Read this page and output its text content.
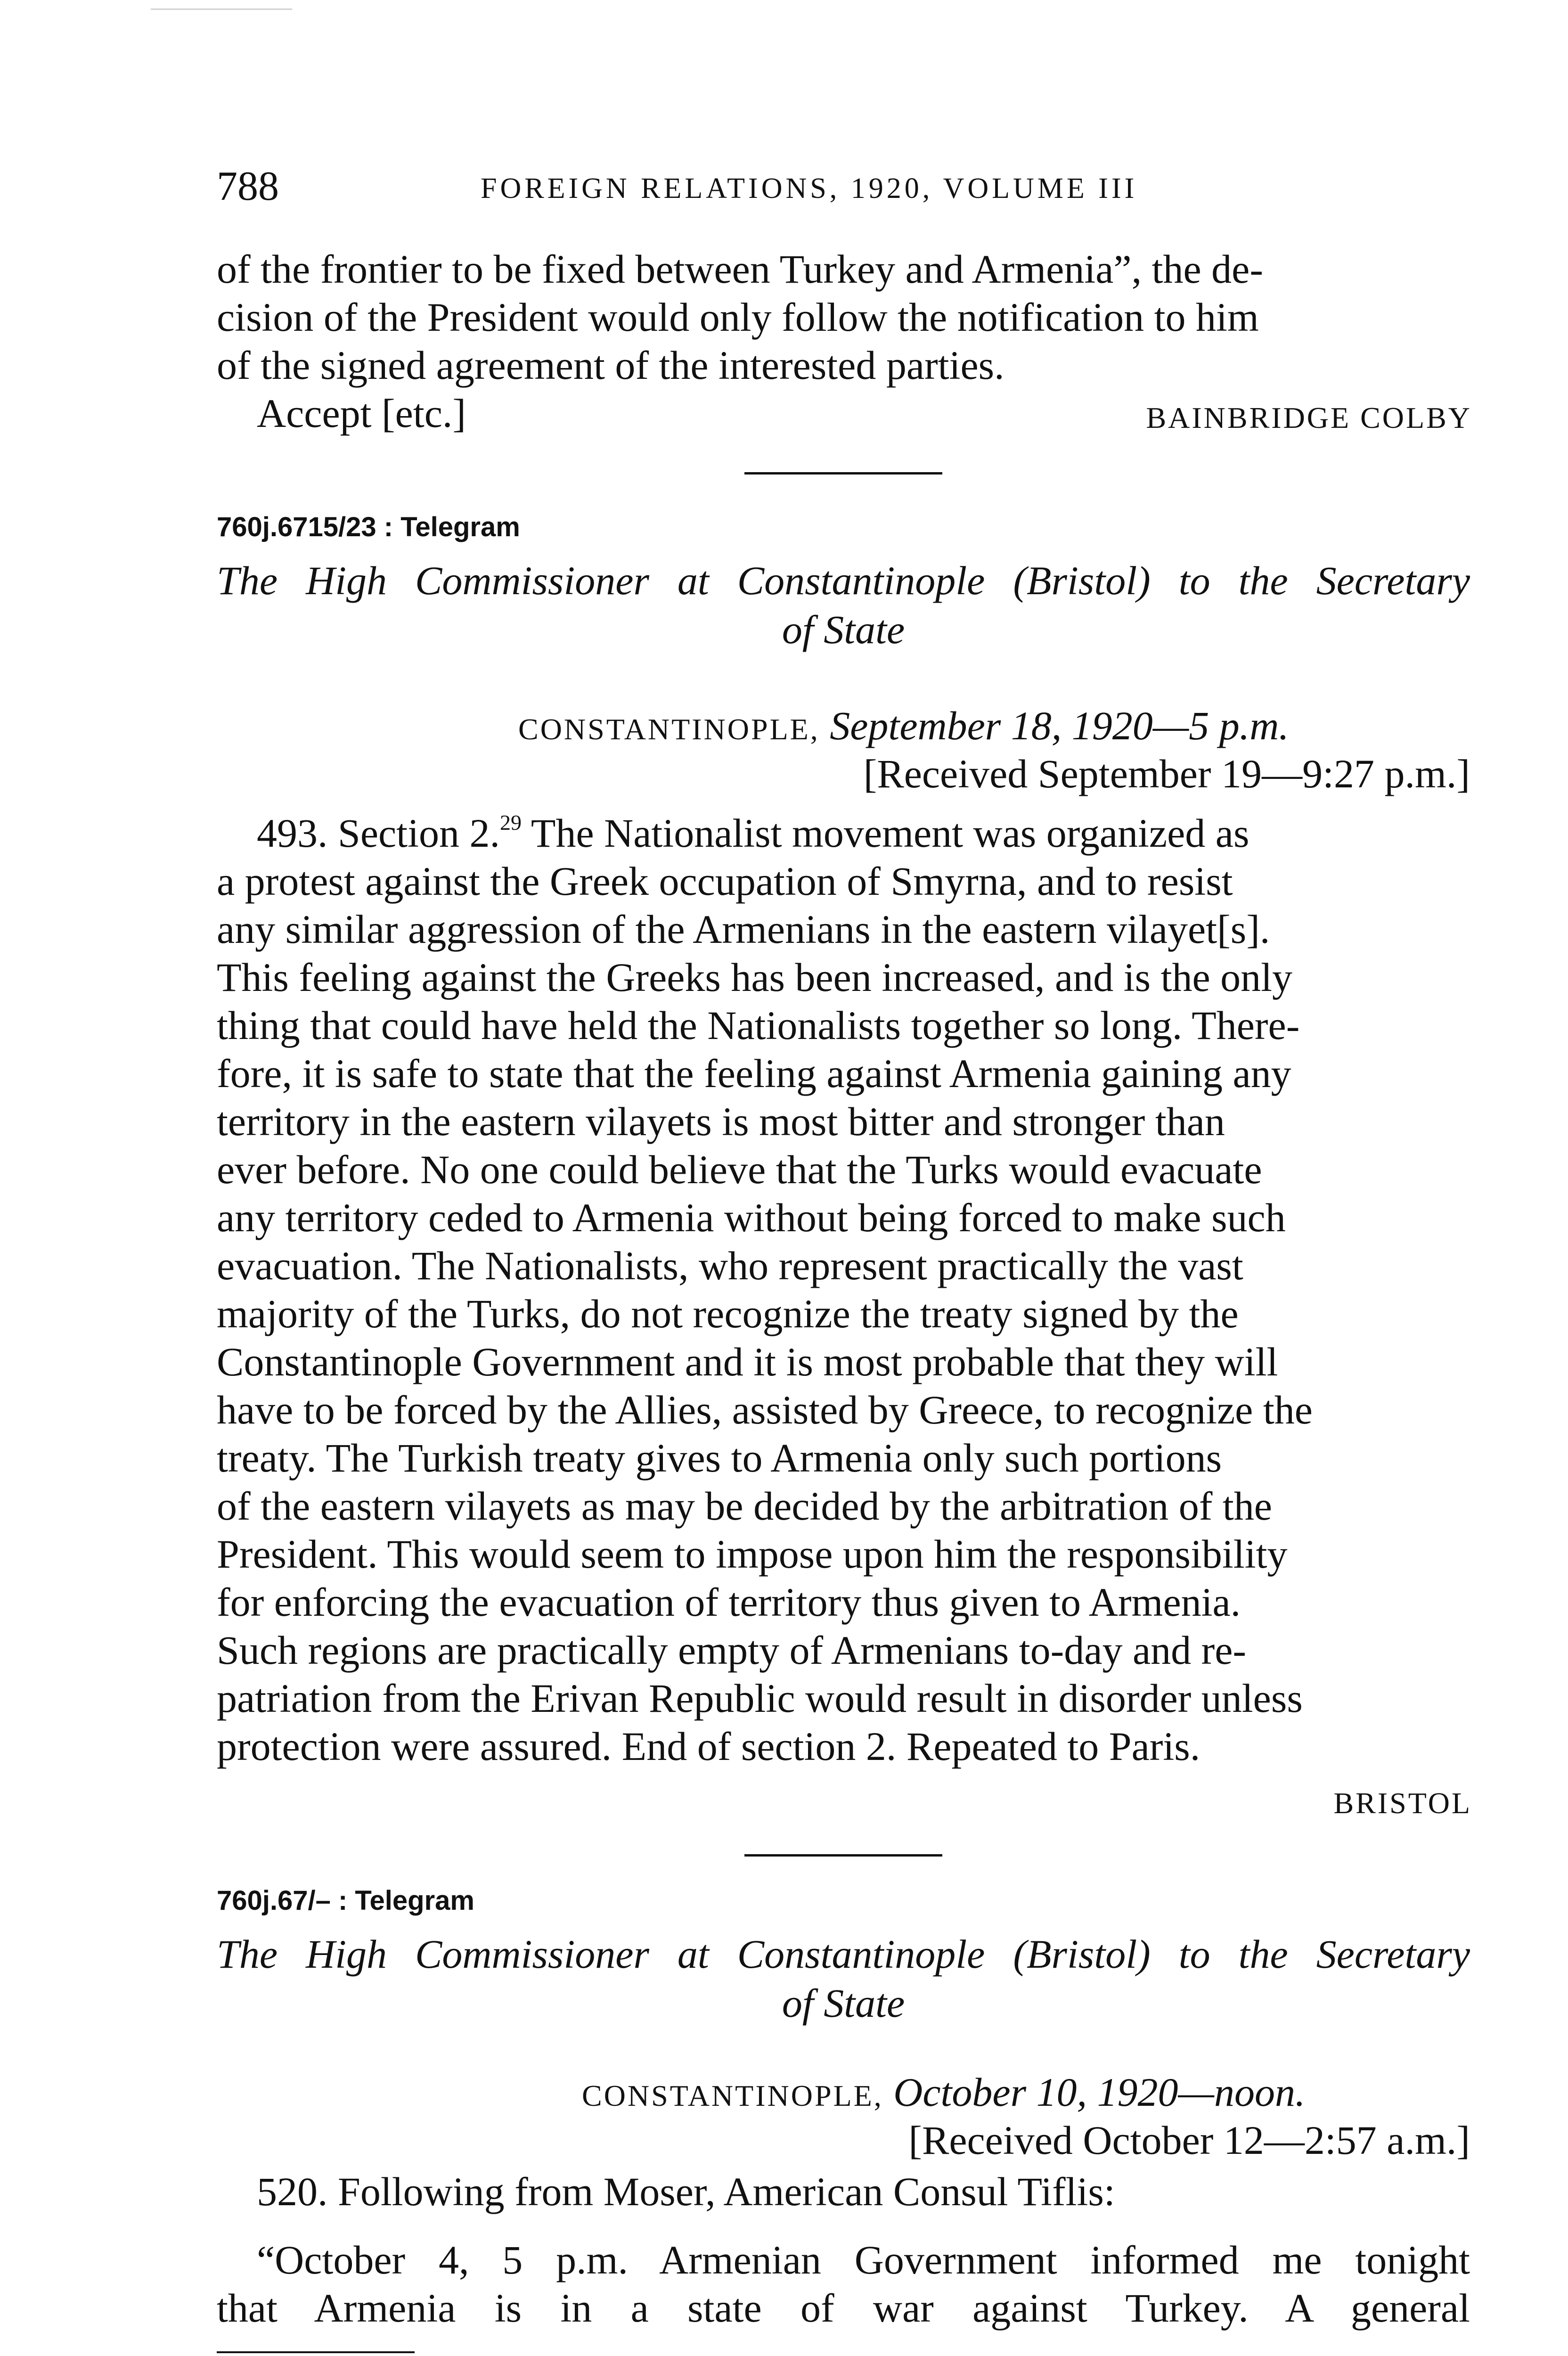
788	FOREIGN RELATIONS, 1920, VOLUME III
of the frontier to be fixed between Turkey and Armenia”, the de-
cision of the President would only follow the notification to him
of the signed agreement of the interested parties.
Accept [etc.]	BAINBRIDGE COLBY
760j.6715/23 : Telegram
The High Commissioner at Constantinople (Bristol) to the Secretary
of State
CONSTANTINOPLE, September 18, 1920—5 p.m.
[Received September 19—9:27 p.m.]
493. Section 2.29 The Nationalist movement was organized as
a protest against the Greek occupation of Smyrna, and to resist
any similar aggression of the Armenians in the eastern vilayet[s].
This feeling against the Greeks has been increased, and is the only
thing that could have held the Nationalists together so long. There-
fore, it is safe to state that the feeling against Armenia gaining any
territory in the eastern vilayets is most bitter and stronger than
ever before. No one could believe that the Turks would evacuate
any territory ceded to Armenia without being forced to make such
evacuation. The Nationalists, who represent practically the vast
majority of the Turks, do not recognize the treaty signed by the
Constantinople Government and it is most probable that they will
have to be forced by the Allies, assisted by Greece, to recognize the
treaty. The Turkish treaty gives to Armenia only such portions
of the eastern vilayets as may be decided by the arbitration of the
President. This would seem to impose upon him the responsibility
for enforcing the evacuation of territory thus given to Armenia.
Such regions are practically empty of Armenians to-day and re-
patriation from the Erivan Republic would result in disorder unless
protection were assured. End of section 2. Repeated to Paris.
BRISTOL
760j.67/– : Telegram
The High Commissioner at Constantinople (Bristol) to the Secretary
of State
CONSTANTINOPLE, October 10, 1920—noon.
[Received October 12—2:57 a.m.]
520. Following from Moser, American Consul Tiflis:
“October 4, 5 p.m. Armenian Government informed me tonight
that Armenia is in a state of war against Turkey. A general
